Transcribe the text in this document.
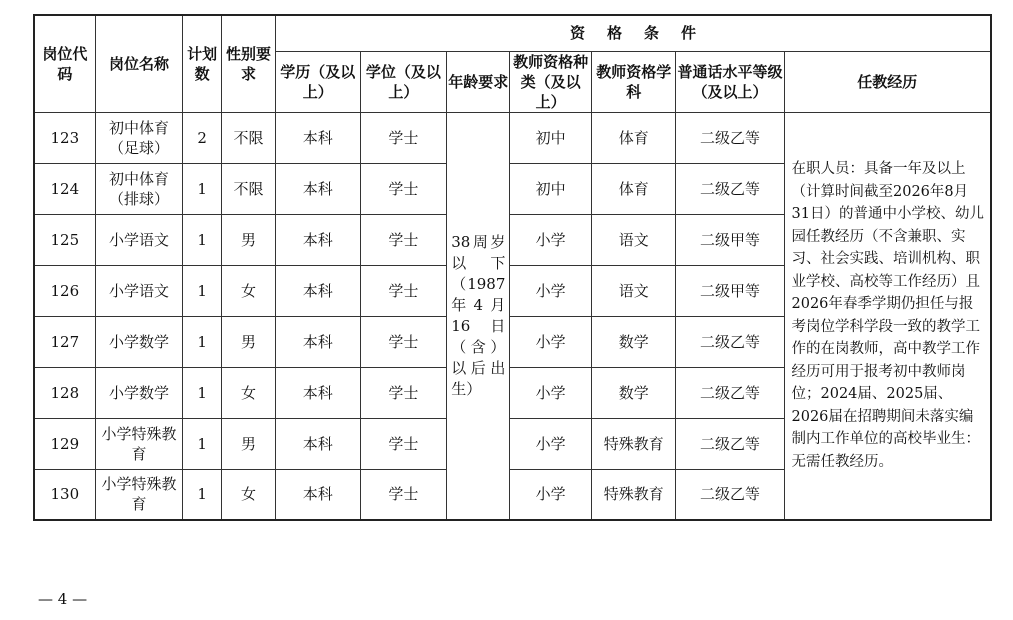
岗位代码	岗位名称	计划数	性别要求	资格条件						
				学历（及以上）	学位（及以上）	年龄要求	教师资格种类（及以上）	教师资格学科	普通话水平等级（及以上）	任教经历
123	初中体育（足球）	2	不限	本科	学士	38周岁以下（1987年4月16日（含）以后出生）	初中	体育	二级乙等	在职人员：具备一年及以上（计算时间截至2026年8月31日）的普通中小学校、幼儿园任教经历（不含兼职、实习、社会实践、培训机构、职业学校、高校等工作经历）且2026年春季学期仍担任与报考岗位学科学段一致的教学工作的在岗教师，高中教学工作经历可用于报考初中教师岗位；2024届、2025届、2026届在招聘期间未落实编制内工作单位的高校毕业生：无需任教经历。
124	初中体育（排球）	1	不限	本科	学士		初中	体育	二级乙等	
125	小学语文	1	男	本科	学士		小学	语文	二级甲等	
126	小学语文	1	女	本科	学士		小学	语文	二级甲等	
127	小学数学	1	男	本科	学士		小学	数学	二级乙等	
128	小学数学	1	女	本科	学士		小学	数学	二级乙等	
129	小学特殊教育	1	男	本科	学士		小学	特殊教育	二级乙等	
130	小学特殊教育	1	女	本科	学士		小学	特殊教育	二级乙等	
— 4 —
